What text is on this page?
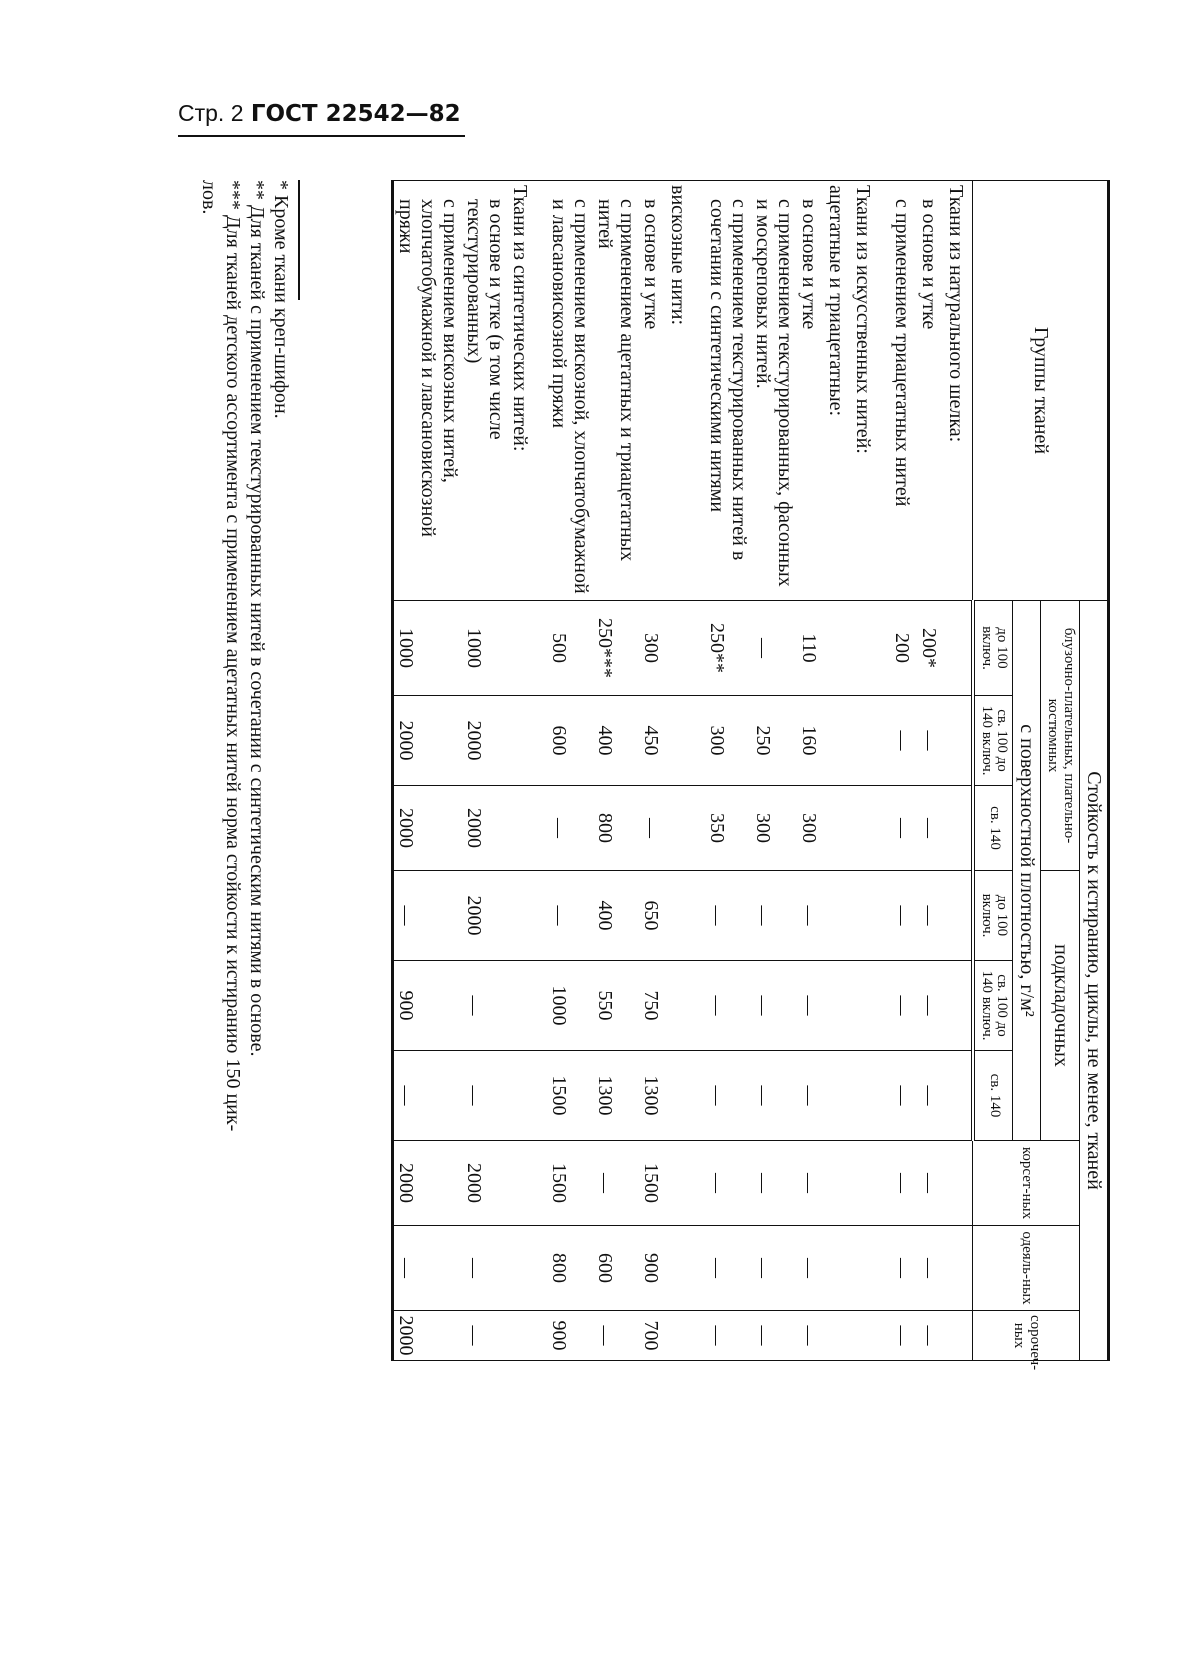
Стр. 2 ГОСТ 22542—82
Группы тканей	Стойкость к истиранию, циклы, не менее, тканей								
	блузочно-плательных, плательно-костюмных			подкладочных			корсет-ных	одеяль-ных	сорочеч-ных
	с поверхностной плотностью, г/м²								
	до 100 включ.	св. 100 до 140 включ.	св. 140	до 100 включ.	св. 100 до 140 включ.	св. 140			
Ткани из натурального шелка:									
в основе и утке	200*	—	—	—	—	—	—	—	—
с применением триацетатных нитей	200	—	—	—	—	—	—	—	—

Ткани из искусственных нитей:									
ацетатные и триацетатные:									
в основе и утке	110	160	300	—	—	—	—	—	—
с применением текстурированных, фасонных и москреповых нитей.	—	250	300	—	—	—	—	—	—
с применением текстурированных нитей в сочетании с синтетическими нитями	250**	300	350	—	—	—	—	—	—

вискозные нити:									
в основе и утке	300	450	—	650	750	1300	1500	900	700
с применением ацетатных и триацетатных нитей	250***	400	800	400	550	1300	—	600	—
с применением вискозной, хлопчатобумажной и лавсановискозной пряжи	500	600	—	—	1000	1500	1500	800	900

Ткани из синтетических нитей:									
в основе и утке (в том числе текстурированных)	1000	2000	2000	2000	—	—	2000	—	—
с применением вискозных нитей, хлопчатобумажной и лавсановискозной пряжи	1000	2000	2000	—	900	—	2000	—	2000
* Кроме ткани креп-шифон.
** Для тканей с применением текстурированных нитей в сочетании с синтетическим нитями в основе.
*** Для тканей детского ассортимента с применением ацетатных нитей норма стойкости к истиранию 150 цик-
лов.
